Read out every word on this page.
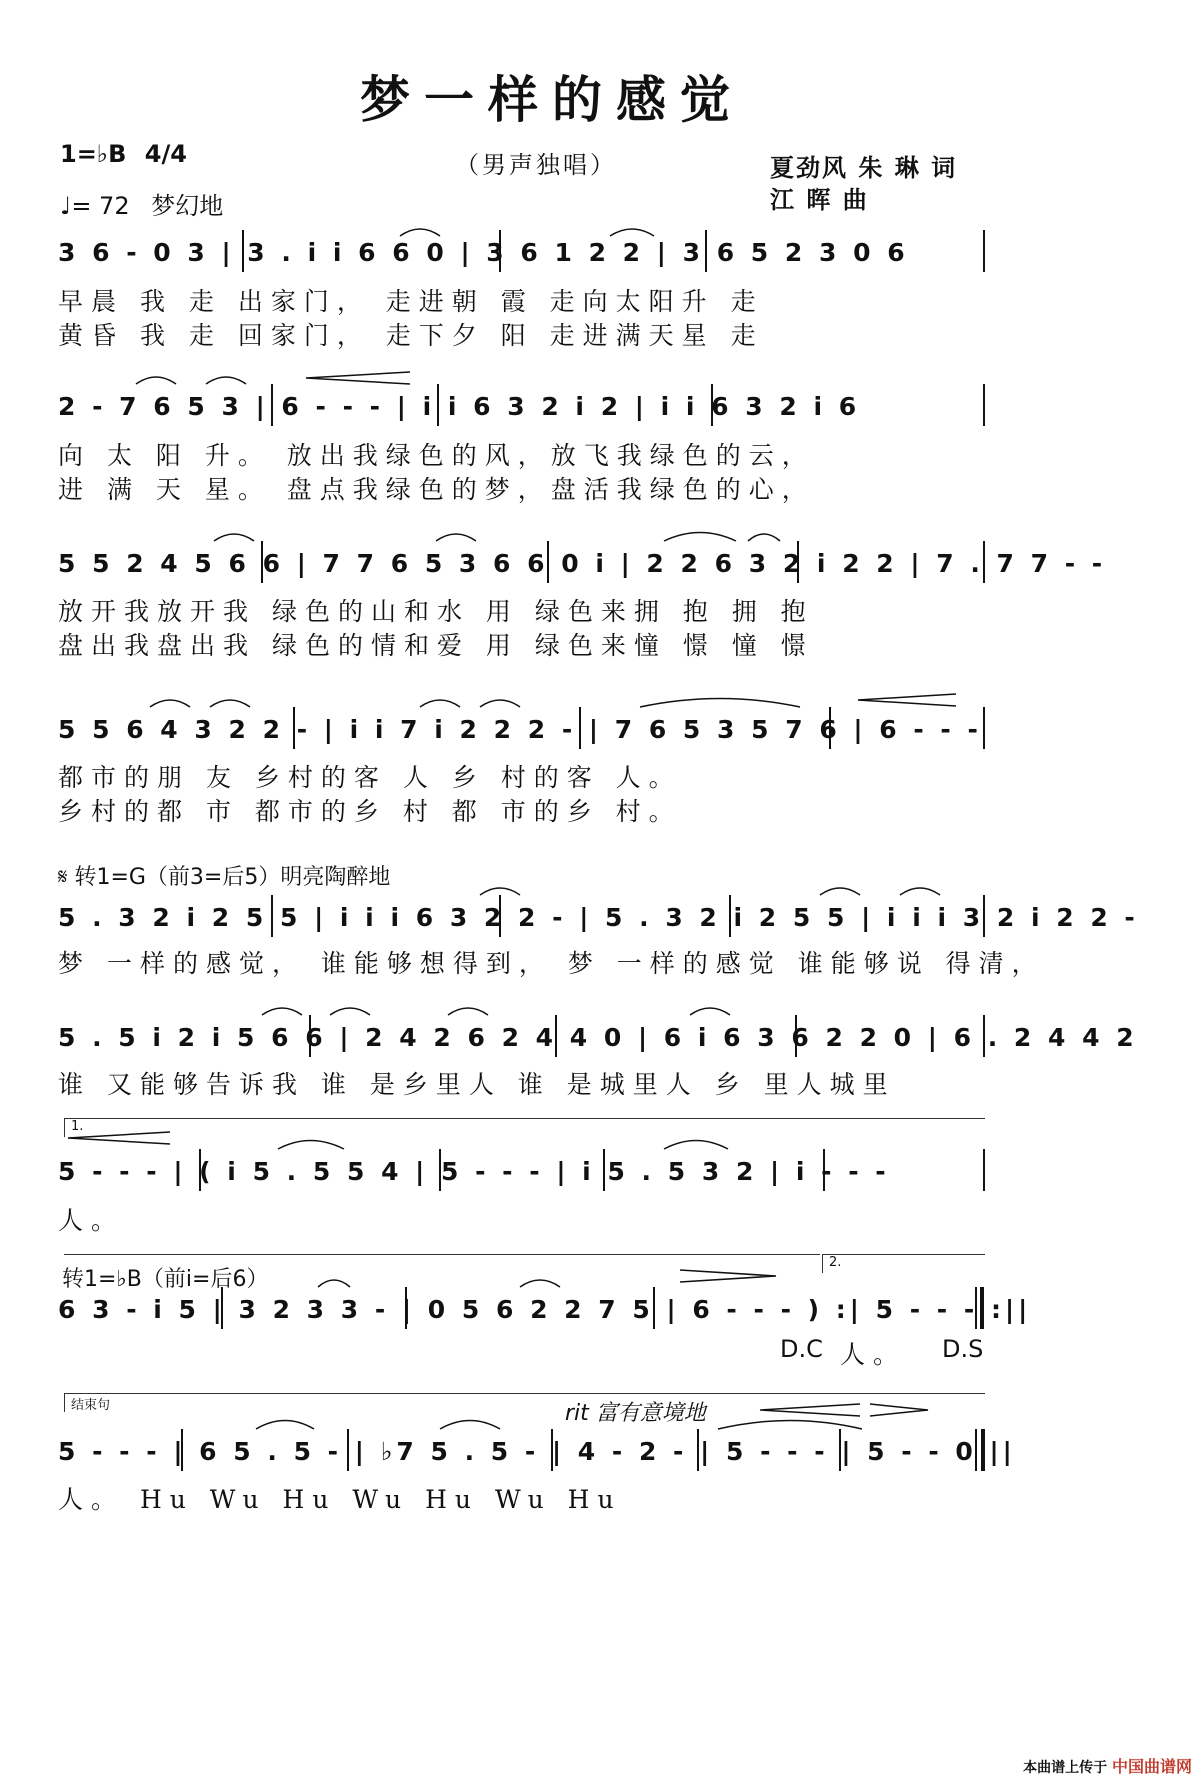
梦一样的感觉
1=♭B 4/4	（男声独唱）	夏劲风 朱 琳 词
江 晖 曲
♩= 72 梦幻地
3 6 - 0 3 | 3 . i i 6 6 0 | 3 6 1 2 2 | 3 6 5 2 3 0 6
早晨 我 走 出家门， 走进朝 霞 走向太阳升 走
黄昏 我 走 回家门， 走下夕 阳 走进满天星 走
2 - 7 6 5 3 | 6 - - - | i i 6 3 2 i 2 | i i 6 3 2 i 6
向 太 阳 升。 放出我绿色的风，放飞我绿色的云，
进 满 天 星。 盘点我绿色的梦，盘活我绿色的心，
5 5 2 4 5 6 6 | 7 7 6 5 3 6 6 0 i | 2 2 6 3 2 i 2 2 | 7 . 7 7 - -
放开我放开我 绿色的山和水 用 绿色来拥 抱 拥 抱
盘出我盘出我 绿色的情和爱 用 绿色来憧 憬 憧 憬
5 5 6 4 3 2 2 - | i i 7 i 2 2 2 - | 7 6 5 3 5 7 6 | 6 - - -
都市的朋 友 乡村的客 人 乡 村的客 人。
乡村的都 市 都市的乡 村 都 市的乡 村。
𝄋 转1=G（前3=后5）明亮陶醉地
5 . 3 2 i 2 5 5 | i i i 6 3 2 2 - | 5 . 3 2 i 2 5 5 | i i i 3 2 i 2 2 -
梦 一样的感觉， 谁能够想得到， 梦 一样的感觉 谁能够说 得清，
5 . 5 i 2 i 5 6 6 | 2 4 2 6 2 4 4 0 | 6 i 6 3 6 2 2 0 | 6 . 2 4 4 2
谁 又能够告诉我 谁 是乡里人 谁 是城里人 乡 里人城里
1.
5 - - - | ( i 5 . 5 5 4 | 5 - - - | i 5 . 5 3 2 | i - - -
人。
2.
转1=♭B（前i=后6）
6 3 - i 5 | 3 2 3 3 - | 0 5 6 2 2 7 5 | 6 - - - ) :| 5 - - - :||
D.C 人。 D.S
结束句	rit 富有意境地
5 - - - | 6 5 . 5 - | ♭7 5 . 5 - | 4 - 2 - | 5 - - - | 5 - - 0 ||
人。 Hu Wu Hu Wu Hu Wu Hu
本曲谱上传于 中国曲谱网
